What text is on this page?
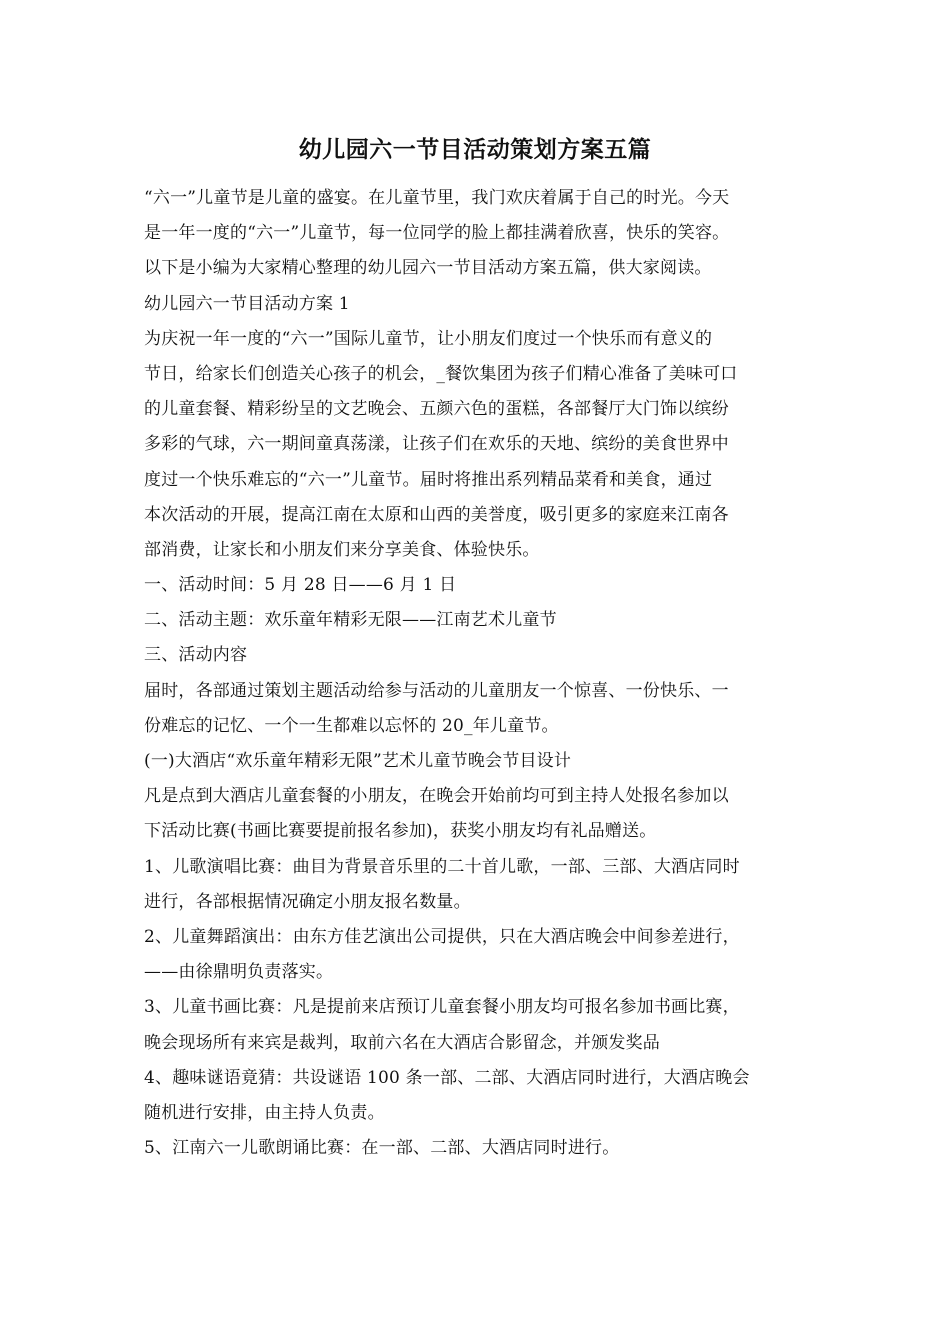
幼儿园六一节目活动策划方案五篇
“六一”儿童节是儿童的盛宴。在儿童节里，我门欢庆着属于自己的时光。今天
是一年一度的“六一”儿童节，每一位同学的脸上都挂满着欣喜，快乐的笑容。
以下是小编为大家精心整理的幼儿园六一节目活动方案五篇，供大家阅读。
幼儿园六一节目活动方案 1
为庆祝一年一度的“六一”国际儿童节，让小朋友们度过一个快乐而有意义的
节日，给家长们创造关心孩子的机会，_餐饮集团为孩子们精心准备了美味可口
的儿童套餐、精彩纷呈的文艺晚会、五颜六色的蛋糕，各部餐厅大门饰以缤纷
多彩的气球，六一期间童真荡漾，让孩子们在欢乐的天地、缤纷的美食世界中
度过一个快乐难忘的“六一”儿童节。届时将推出系列精品菜肴和美食，通过
本次活动的开展，提高江南在太原和山西的美誉度，吸引更多的家庭来江南各
部消费，让家长和小朋友们来分享美食、体验快乐。
一、活动时间：5 月 28 日——6 月 1 日
二、活动主题：欢乐童年精彩无限——江南艺术儿童节
三、活动内容
届时，各部通过策划主题活动给参与活动的儿童朋友一个惊喜、一份快乐、一
份难忘的记忆、一个一生都难以忘怀的 20_年儿童节。
(一)大酒店“欢乐童年精彩无限”艺术儿童节晚会节目设计
凡是点到大酒店儿童套餐的小朋友，在晚会开始前均可到主持人处报名参加以
下活动比赛(书画比赛要提前报名参加)，获奖小朋友均有礼品赠送。
1、儿歌演唱比赛：曲目为背景音乐里的二十首儿歌，一部、三部、大酒店同时
进行，各部根据情况确定小朋友报名数量。
2、儿童舞蹈演出：由东方佳艺演出公司提供，只在大酒店晚会中间参差进行，
——由徐鼎明负责落实。
3、儿童书画比赛：凡是提前来店预订儿童套餐小朋友均可报名参加书画比赛，
晚会现场所有来宾是裁判，取前六名在大酒店合影留念，并颁发奖品
4、趣味谜语竟猜：共设谜语 100 条一部、二部、大酒店同时进行，大酒店晚会
随机进行安排，由主持人负责。
5、江南六一儿歌朗诵比赛：在一部、二部、大酒店同时进行。
